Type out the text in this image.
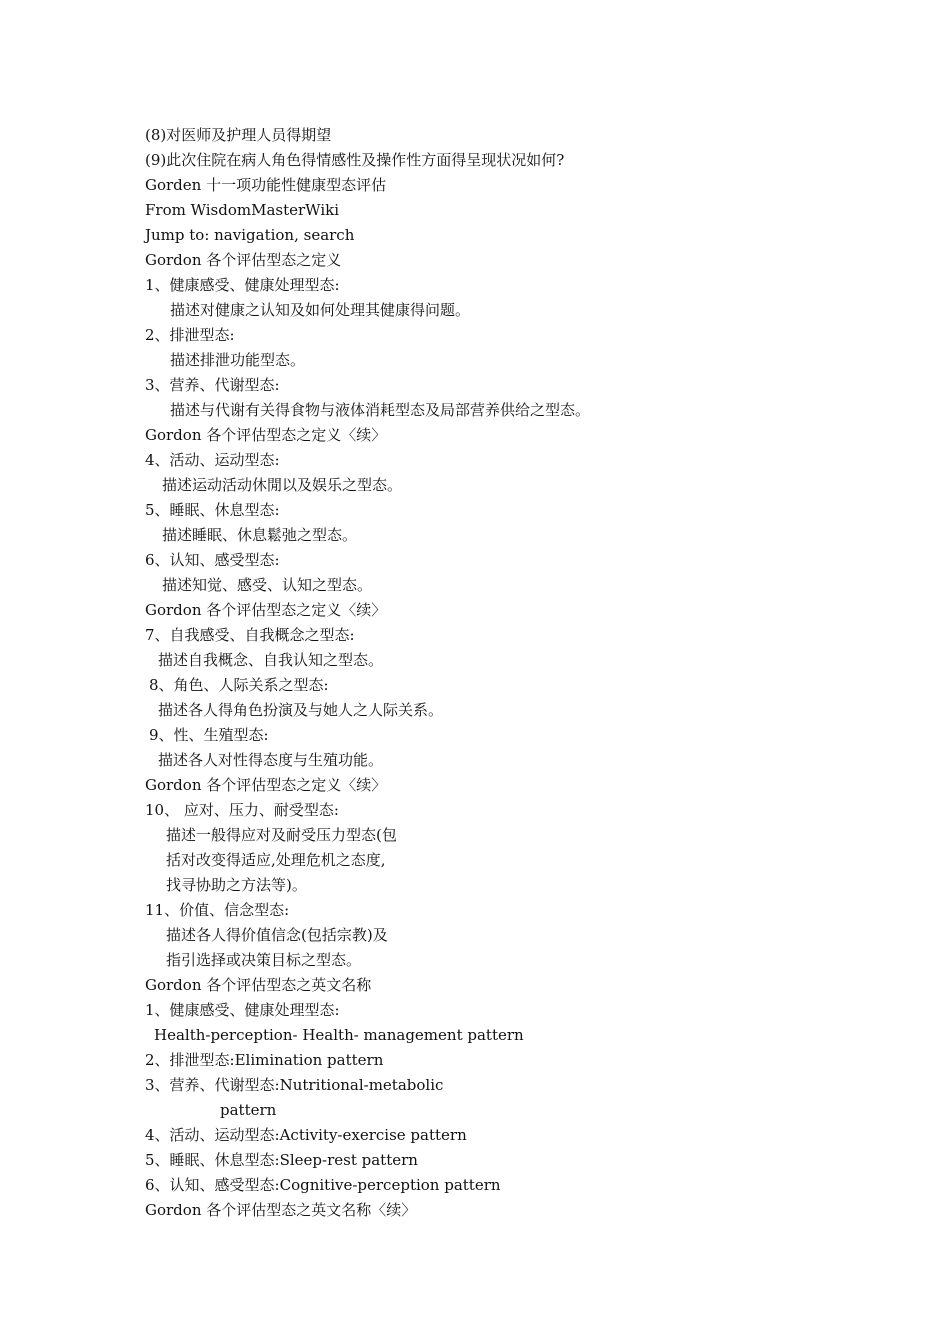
(8)对医师及护理人员得期望
(9)此次住院在病人角色得情感性及操作性方面得呈现状况如何?
Gorden 十一项功能性健康型态评估
From WisdomMasterWiki
Jump to: navigation, search
Gordon 各个评估型态之定义
1、健康感受、健康处理型态:
描述对健康之认知及如何处理其健康得问题。
2、排泄型态:
描述排泄功能型态。
3、营养、代谢型态:
描述与代谢有关得食物与液体消耗型态及局部营养供给之型态。
Gordon 各个评估型态之定义〈续〉
4、活动、运动型态:
描述运动活动休閒以及娱乐之型态。
5、睡眠、休息型态:
描述睡眠、休息鬆弛之型态。
6、认知、感受型态:
描述知觉、感受、认知之型态。
Gordon 各个评估型态之定义〈续〉
7、自我感受、自我概念之型态:
描述自我概念、自我认知之型态。
8、角色、人际关系之型态:
描述各人得角色扮演及与她人之人际关系。
9、性、生殖型态:
描述各人对性得态度与生殖功能。
Gordon 各个评估型态之定义〈续〉
10、 应对、压力、耐受型态:
描述一般得应对及耐受压力型态(包
括对改变得适应,处理危机之态度,
找寻协助之方法等)。
11、价值、信念型态:
描述各人得价值信念(包括宗教)及
指引选择或决策目标之型态。
Gordon 各个评估型态之英文名称
1、健康感受、健康处理型态:
Health-perception- Health- management pattern
2、排泄型态:Elimination pattern
3、营养、代谢型态:Nutritional-metabolic
pattern
4、活动、运动型态:Activity-exercise pattern
5、睡眠、休息型态:Sleep-rest pattern
6、认知、感受型态:Cognitive-perception pattern
Gordon 各个评估型态之英文名称〈续〉
